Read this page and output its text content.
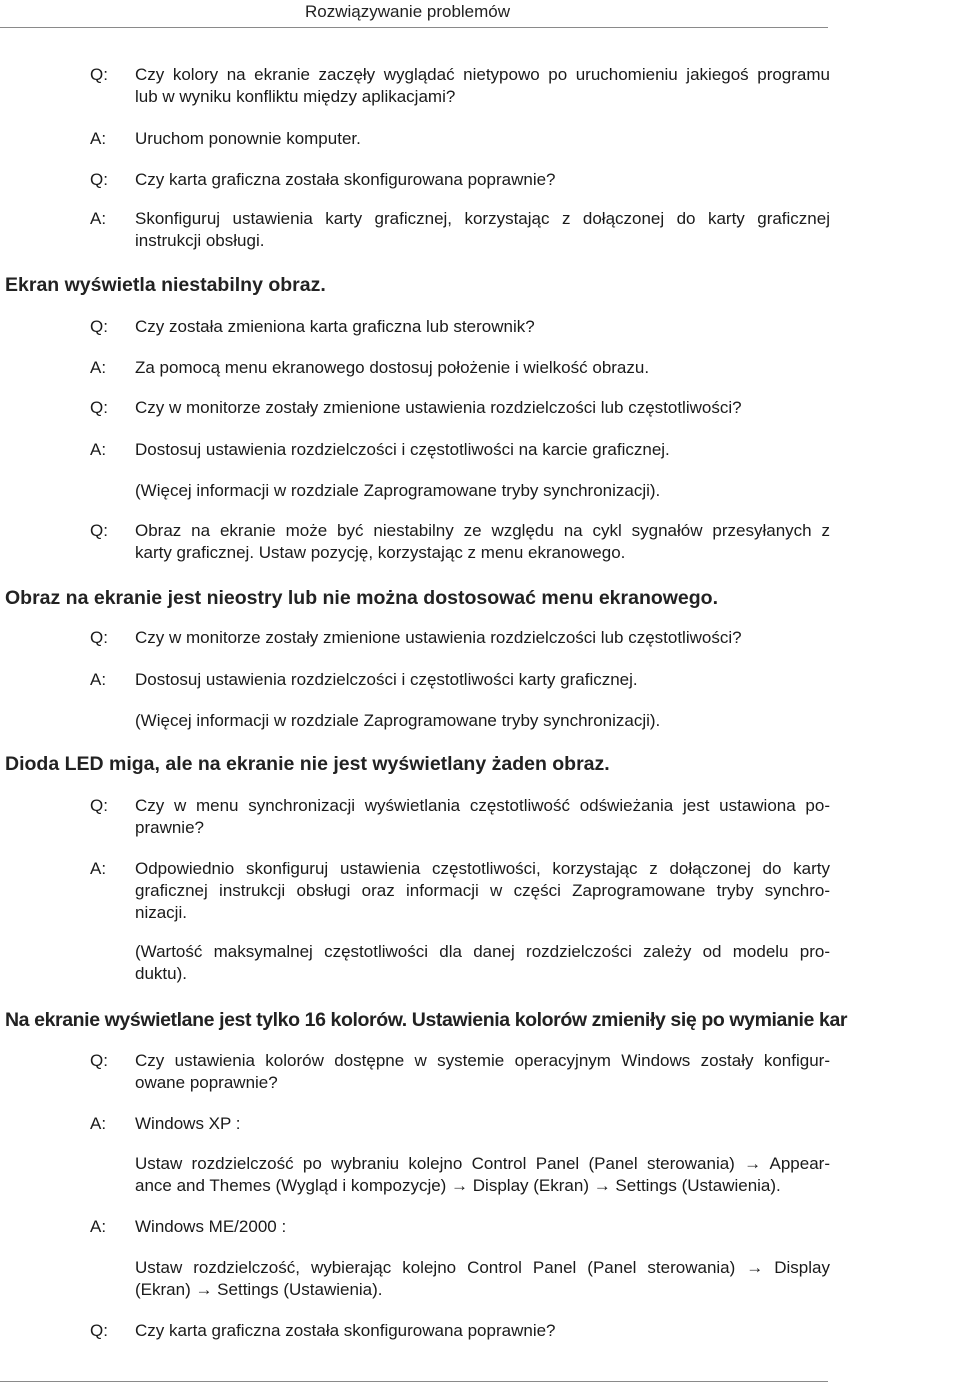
Rozwiązywanie problemów
Q:	Czy kolory na ekranie zaczęły wyglądać nietypowo po uruchomieniu jakiegoś programu
lub w wyniku konfliktu między aplikacjami?
A:	Uruchom ponownie komputer.
Q:	Czy karta graficzna została skonfigurowana poprawnie?
A:	Skonfiguruj ustawienia karty graficznej, korzystając z dołączonej do karty graficznej
instrukcji obsługi.
Q:	Czy została zmieniona karta graficzna lub sterownik?
A:	Za pomocą menu ekranowego dostosuj położenie i wielkość obrazu.
Q:	Czy w monitorze zostały zmienione ustawienia rozdzielczości lub częstotliwości?
A:	Dostosuj ustawienia rozdzielczości i częstotliwości na karcie graficznej.
(Więcej informacji w rozdziale Zaprogramowane tryby synchronizacji).
Q:	Obraz na ekranie może być niestabilny ze względu na cykl sygnałów przesyłanych z
karty graficznej. Ustaw pozycję, korzystając z menu ekranowego.
Q:	Czy w monitorze zostały zmienione ustawienia rozdzielczości lub częstotliwości?
A:	Dostosuj ustawienia rozdzielczości i częstotliwości karty graficznej.
(Więcej informacji w rozdziale Zaprogramowane tryby synchronizacji).
Q:	Czy w menu synchronizacji wyświetlania częstotliwość odświeżania jest ustawiona po-
prawnie?
A:	Odpowiednio skonfiguruj ustawienia częstotliwości, korzystając z dołączonej do karty
graficznej instrukcji obsługi oraz informacji w części Zaprogramowane tryby synchro-
nizacji.
(Wartość maksymalnej częstotliwości dla danej rozdzielczości zależy od modelu pro-
duktu).
Q:	Czy ustawienia kolorów dostępne w systemie operacyjnym Windows zostały konfigur-
owane poprawnie?
A:	Windows XP :
Ustaw rozdzielczość po wybraniu kolejno Control Panel (Panel sterowania) → Appear-
ance and Themes (Wygląd i kompozycje) → Display (Ekran) → Settings (Ustawienia).
A:	Windows ME/2000 :
Ustaw rozdzielczość, wybierając kolejno Control Panel (Panel sterowania) → Display
(Ekran) → Settings (Ustawienia).
Q:	Czy karta graficzna została skonfigurowana poprawnie?
Ekran wyświetla niestabilny obraz.
Obraz na ekranie jest nieostry lub nie można dostosować menu ekranowego.
Dioda LED miga, ale na ekranie nie jest wyświetlany żaden obraz.
Na ekranie wyświetlane jest tylko 16 kolorów. Ustawienia kolorów zmieniły się po wymianie kar
